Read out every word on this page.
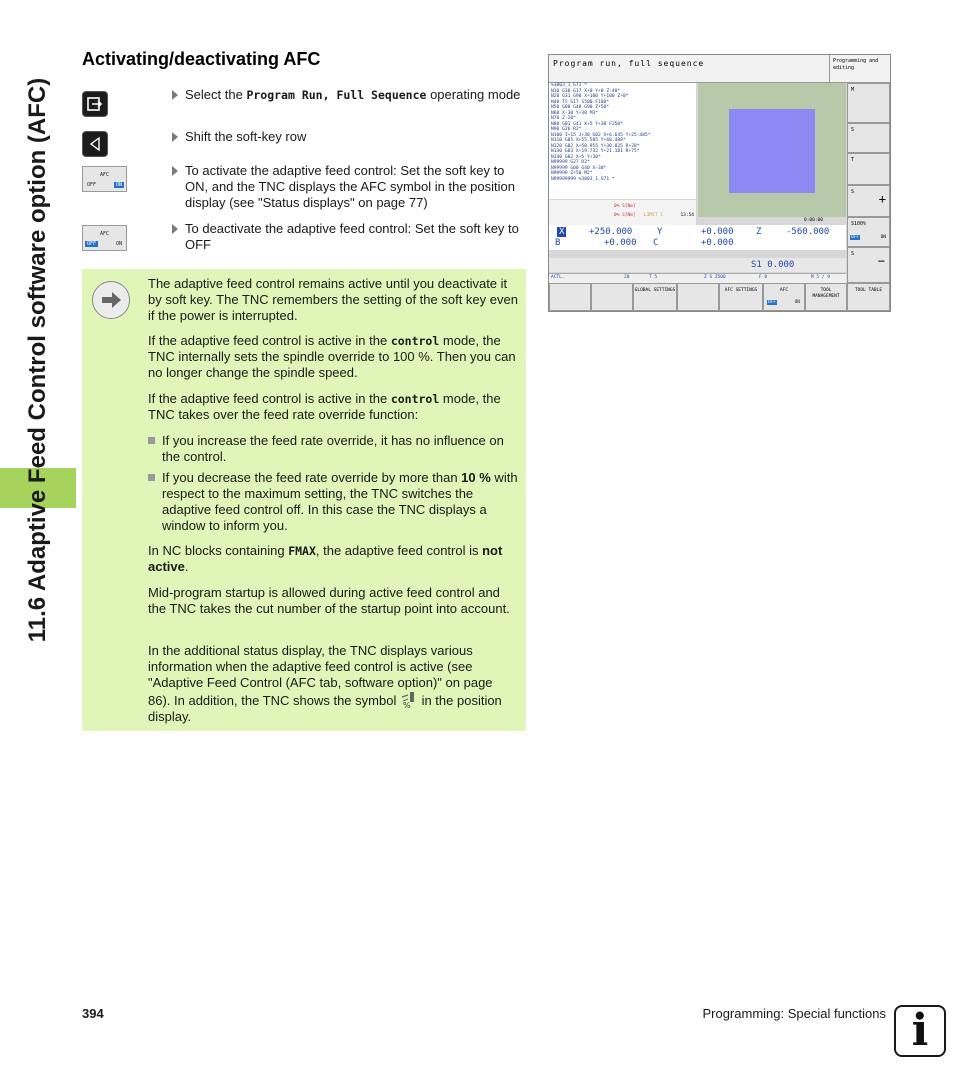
11.6 Adaptive Feed Control software option (AFC)
Activating/deactivating AFC
AFC
OFF	ON
AFC
OFF	ON
Select the Program Run, Full Sequence operating mode
Shift the soft-key row
To activate the adaptive feed control: Set the soft key to ON, and the TNC displays the AFC symbol in the position display (see "Status displays" on page 77)
To deactivate the adaptive feed control: Set the soft key to OFF
The adaptive feed control remains active until you deactivate it by soft key. The TNC remembers the setting of the soft key even if the power is interrupted.
If the adaptive feed control is active in the control mode, the TNC internally sets the spindle override to 100 %. Then you can no longer change the spindle speed.
If the adaptive feed control is active in the control mode, the TNC takes over the feed rate override function:
If you increase the feed rate override, it has no influence on the control.
If you decrease the feed rate override by more than 10 % with respect to the maximum setting, the TNC switches the adaptive feed control off. In this case the TNC displays a window to inform you.
In NC blocks containing FMAX, the adaptive feed control is not active.
Mid-program startup is allowed during active feed control and the TNC takes the cut number of the startup point into account.
In the additional status display, the TNC displays various information when the adaptive feed control is active (see "Adaptive Feed Control (AFC tab, software option)" on page 86). In addition, the TNC shows the symbol % in the position display.
Program run, full sequence	Programming and editing
%3003_1 G71 *
N10 G30 G17 X+0 Y+0 Z-40*
N20 G31 G90 X+100 Y+100 Z+0*
N40 T5 G17 S500 F100*
N50 G00 G40 G90 Z+50*
N60 X-30 Y+30 M3*
N70 Z-20*
N80 G01 G41 X+5 Y+30 F250*
N90 G26 R2*
N100 I+15 J+30 G02 X+6.645 Y+25.485*
N110 G05 X+55.505 Y+68.488*
N120 G02 X+50.955 Y+30.025 R+28*
N130 G03 X+19.732 Y+21.181 R+75*
N140 G02 X+5 Y+30*
N99999 G27 R2*
N99999 G00 G40 X-30*
N99999 Z+50 M2*
N99999999 %3003_1 G71 *
0% S[Nm]
0% S[Nm] LIMIT 1	13:54
0:00:00
X	+250.000	Y	+0.000 Z	-560.000
B	+0.000 C	+0.000
S1 0.000
ACTL.	20	T 5	Z S 2500	F 0	M 5 / 9
M
S
T
S +
S100%
OFF	ON
S −
GLOBAL SETTINGS	AFC SETTINGS	AFC
OFF	ON
TOOL MANAGEMENT
TOOL TABLE
394	Programming: Special functions i
